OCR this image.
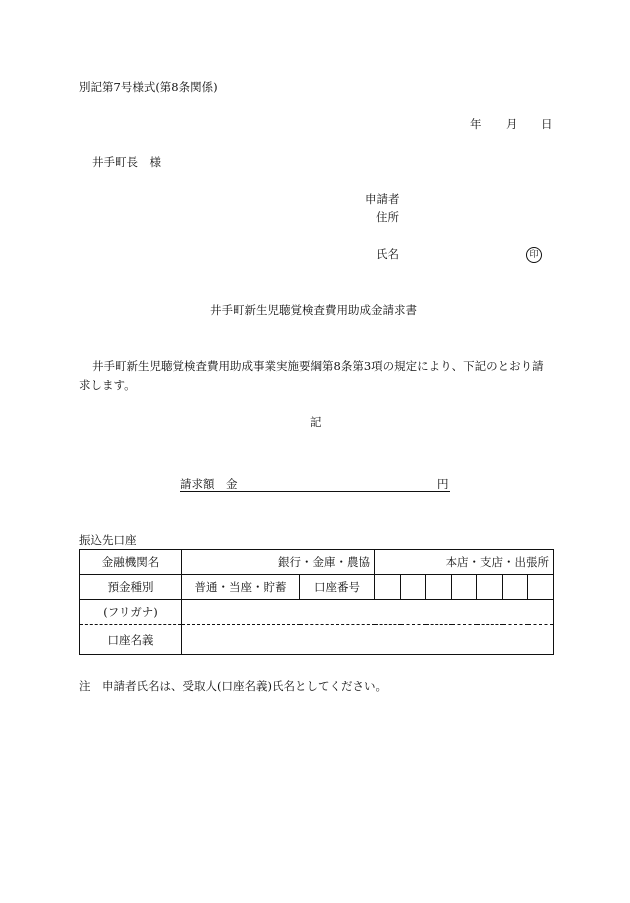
別記第7号様式(第8条関係)
年 月 日
井手町長　様
申請者
住所
氏名	印
井手町新生児聴覚検査費用助成金請求書
井手町新生児聴覚検査費用助成事業実施要綱第8条第3項の規定により、下記のとおり請
求します。
記
請求額　金	円
振込先口座
金融機関名	銀行・金庫・農協		本店・支店・出張所						
預金種別	普通・当座・貯蓄	口座番号							
(フリガナ)									
口座名義									
注　申請者氏名は、受取人(口座名義)氏名としてください。
